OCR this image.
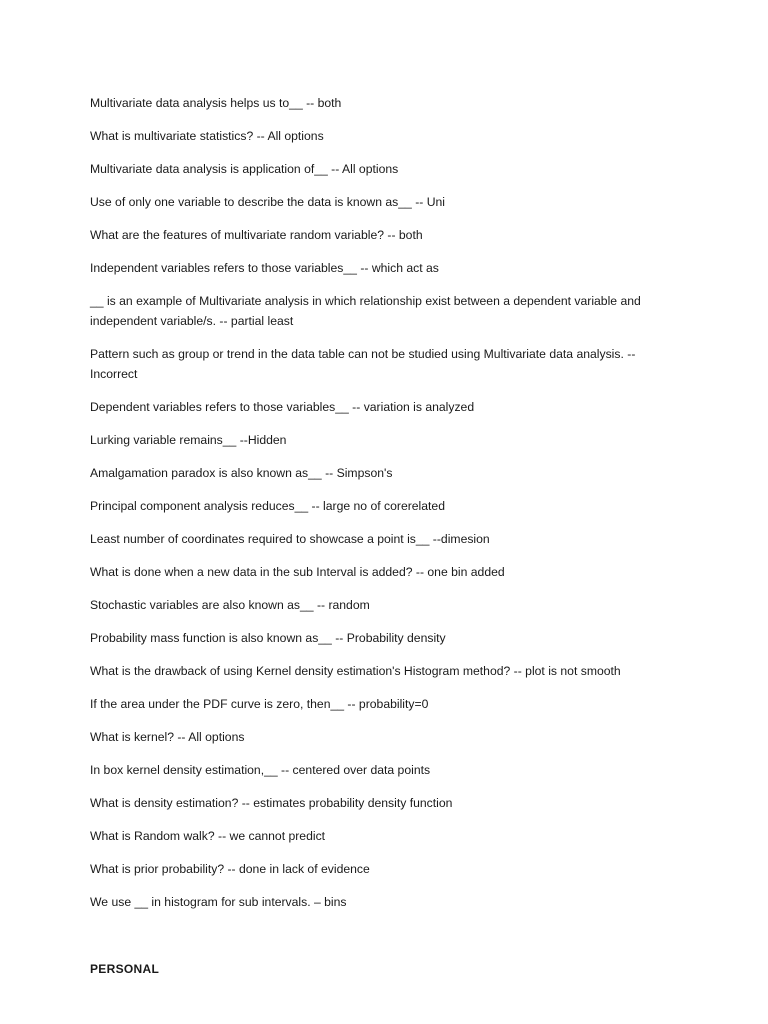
Multivariate data analysis helps us to__ -- both
What is multivariate statistics? -- All options
Multivariate data analysis is application of__ -- All options
Use of only one variable to describe the data is known as__ -- Uni
What are the features of multivariate random variable? -- both
Independent variables refers to those variables__ -- which act as
__ is an example of Multivariate analysis in which relationship exist between a dependent variable and independent variable/s. -- partial least
Pattern such as group or trend in the data table can not be studied using Multivariate data analysis. -- Incorrect
Dependent variables refers to those variables__ -- variation is analyzed
Lurking variable remains__ --Hidden
Amalgamation paradox is also known as__ -- Simpson's
Principal component analysis reduces__ -- large no of corerelated
Least number of coordinates required to showcase a point is__ --dimesion
What is done when a new data in the sub Interval is added? -- one bin added
Stochastic variables are also known as__ -- random
Probability mass function is also known as__ -- Probability density
What is the drawback of using Kernel density estimation's Histogram method? -- plot is not smooth
If the area under the PDF curve is zero, then__ -- probability=0
What is kernel? -- All options
In box kernel density estimation,__ -- centered over data points
What is density estimation? -- estimates probability density function
What is Random walk? -- we cannot predict
What is prior probability? -- done in lack of evidence
We use __ in histogram for sub intervals. – bins
PERSONAL
